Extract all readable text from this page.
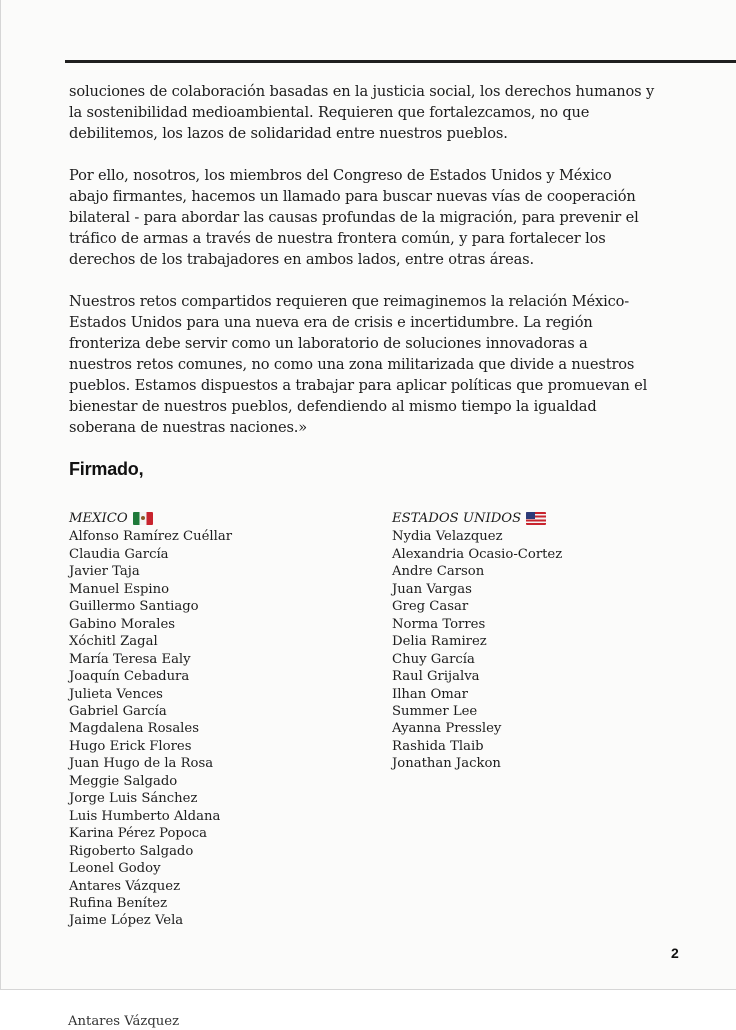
soluciones de colaboración basadas en la justicia social, los derechos humanos y
la sostenibilidad medioambiental. Requieren que fortalezcamos, no que
debilitemos, los lazos de solidaridad entre nuestros pueblos.

Por ello, nosotros, los miembros del Congreso de Estados Unidos y México
abajo firmantes, hacemos un llamado para buscar nuevas vías de cooperación
bilateral - para abordar las causas profundas de la migración, para prevenir el
tráfico de armas a través de nuestra frontera común, y para fortalecer los
derechos de los trabajadores en ambos lados, entre otras áreas.

Nuestros retos compartidos requieren que reimaginemos la relación México-
Estados Unidos para una nueva era de crisis e incertidumbre. La región
fronteriza debe servir como un laboratorio de soluciones innovadoras a
nuestros retos comunes, no como una zona militarizada que divide a nuestros
pueblos. Estamos dispuestos a trabajar para aplicar políticas que promuevan el
bienestar de nuestros pueblos, defendiendo al mismo tiempo la igualdad
soberana de nuestras naciones.»

Firmado,
MEXICO
Alfonso Ramírez Cuéllar
Claudia García
Javier Taja
Manuel Espino
Guillermo Santiago
Gabino Morales
Xóchitl Zagal
María Teresa Ealy
Joaquín Cebadura
Julieta Vences
Gabriel García
Magdalena Rosales
Hugo Erick Flores
Juan Hugo de la Rosa
Meggie Salgado
Jorge Luis Sánchez
Luis Humberto Aldana
Karina Pérez Popoca
Rigoberto Salgado
Leonel Godoy
Antares Vázquez
Rufina Benítez
Jaime López Vela
ESTADOS UNIDOS
Nydia Velazquez
Alexandria Ocasio-Cortez
Andre Carson
Juan Vargas
Greg Casar
Norma Torres
Delia Ramirez
Chuy García
Raul Grijalva
Ilhan Omar
Summer Lee
Ayanna Pressley
Rashida Tlaib
Jonathan Jackon
2
Antares Vázquez
